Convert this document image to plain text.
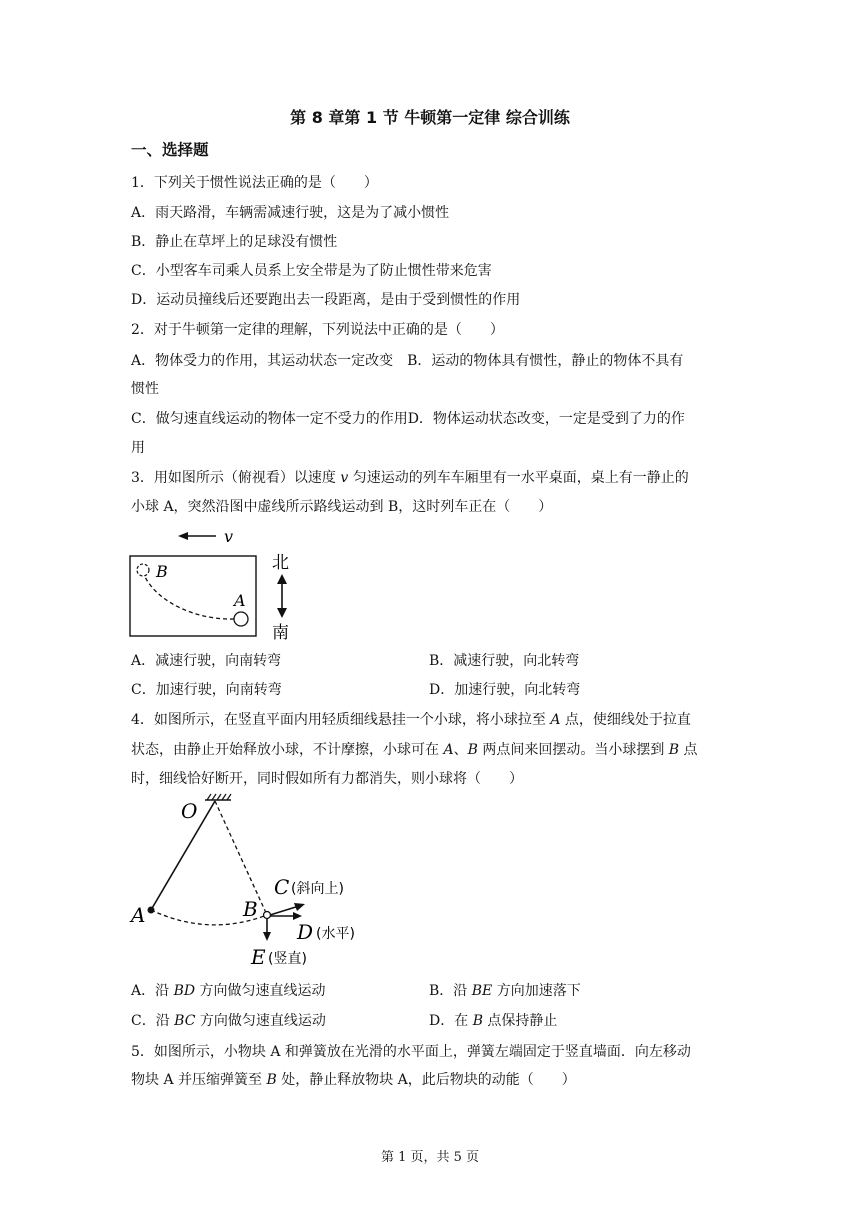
第 8 章第 1 节 牛顿第一定律 综合训练
一、选择题
1．下列关于惯性说法正确的是（　　）
A．雨天路滑，车辆需减速行驶，这是为了减小惯性
B．静止在草坪上的足球没有惯性
C．小型客车司乘人员系上安全带是为了防止惯性带来危害
D．运动员撞线后还要跑出去一段距离，是由于受到惯性的作用
2．对于牛顿第一定律的理解，下列说法中正确的是（　　）
A．物体受力的作用，其运动状态一定改变　B．运动的物体具有惯性，静止的物体不具有
惯性
C．做匀速直线运动的物体一定不受力的作用D．物体运动状态改变，一定是受到了力的作
用
3．用如图所示（俯视看）以速度 v 匀速运动的列车车厢里有一水平桌面，桌上有一静止的
小球 A，突然沿图中虚线所示路线运动到 B，这时列车正在（　　）
v
B
A
北
南
A．减速行驶，向南转弯	B．减速行驶，向北转弯
C．加速行驶，向南转弯	D．加速行驶，向北转弯
4．如图所示，在竖直平面内用轻质细线悬挂一个小球，将小球拉至 A 点，使细线处于拉直
状态，由静止开始释放小球，不计摩擦，小球可在 A、B 两点间来回摆动。当小球摆到 B 点
时，细线恰好断开，同时假如所有力都消失，则小球将（　　）
O
A	B
C (斜向上)
D (水平)
E (竖直)
A．沿 BD 方向做匀速直线运动	B．沿 BE 方向加速落下
C．沿 BC 方向做匀速直线运动	D．在 B 点保持静止
5．如图所示，小物块 A 和弹簧放在光滑的水平面上，弹簧左端固定于竖直墙面．向左移动
物块 A 并压缩弹簧至 B 处，静止释放物块 A，此后物块的动能（　　）
第 1 页，共 5 页
